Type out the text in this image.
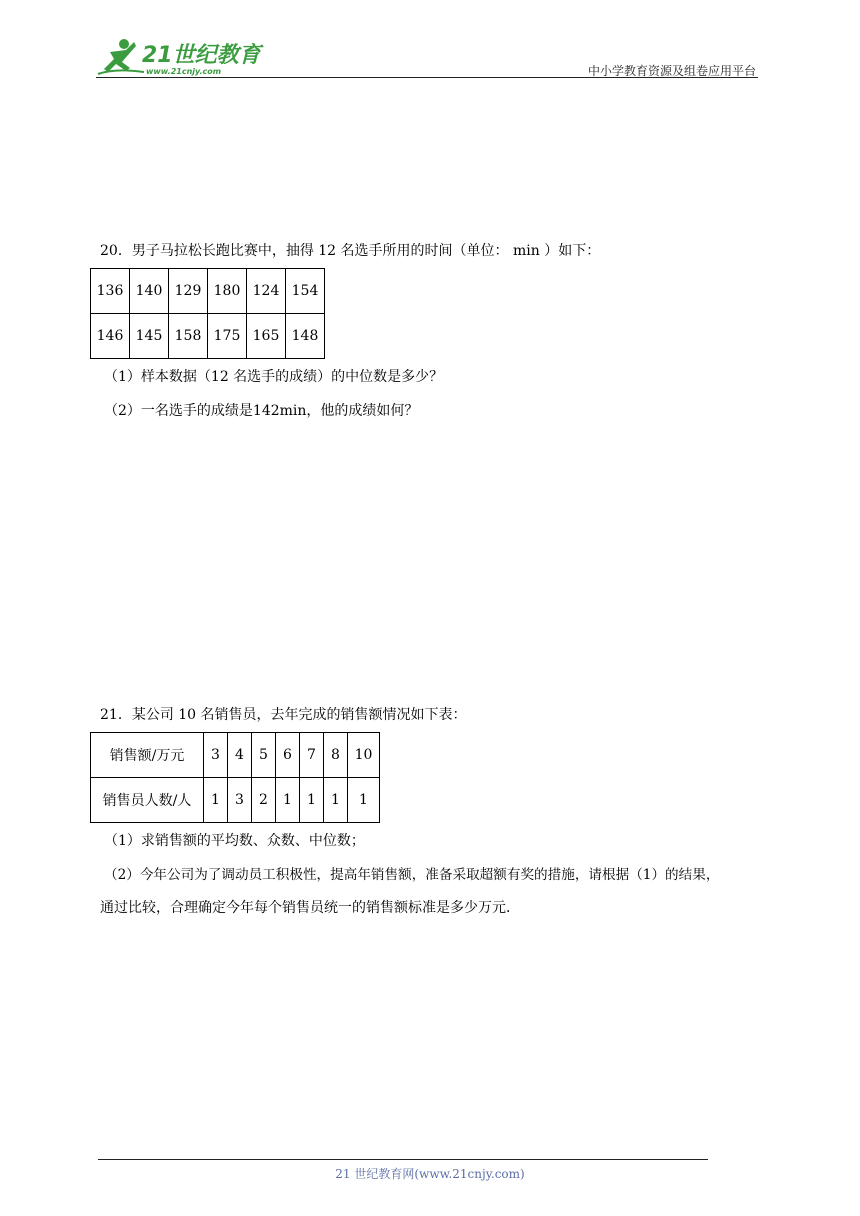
21世纪教育
www.21cnjy.com	中小学教育资源及组卷应用平台
20．男子马拉松长跑比赛中，抽得 12 名选手所用的时间（单位： min ）如下：
136	140	129	180	124	154
146	145	158	175	165	148
（1）样本数据（12 名选手的成绩）的中位数是多少？
（2）一名选手的成绩是142min，他的成绩如何？
21．某公司 10 名销售员，去年完成的销售额情况如下表：
销售额/万元	3	4	5	6	7	8	10
销售员人数/人	1	3	2	1	1	1	1
（1）求销售额的平均数、众数、中位数；
（2）今年公司为了调动员工积极性，提高年销售额，准备采取超额有奖的措施，请根据（1）的结果，
通过比较，合理确定今年每个销售员统一的销售额标准是多少万元．
21 世纪教育网(www.21cnjy.com)
